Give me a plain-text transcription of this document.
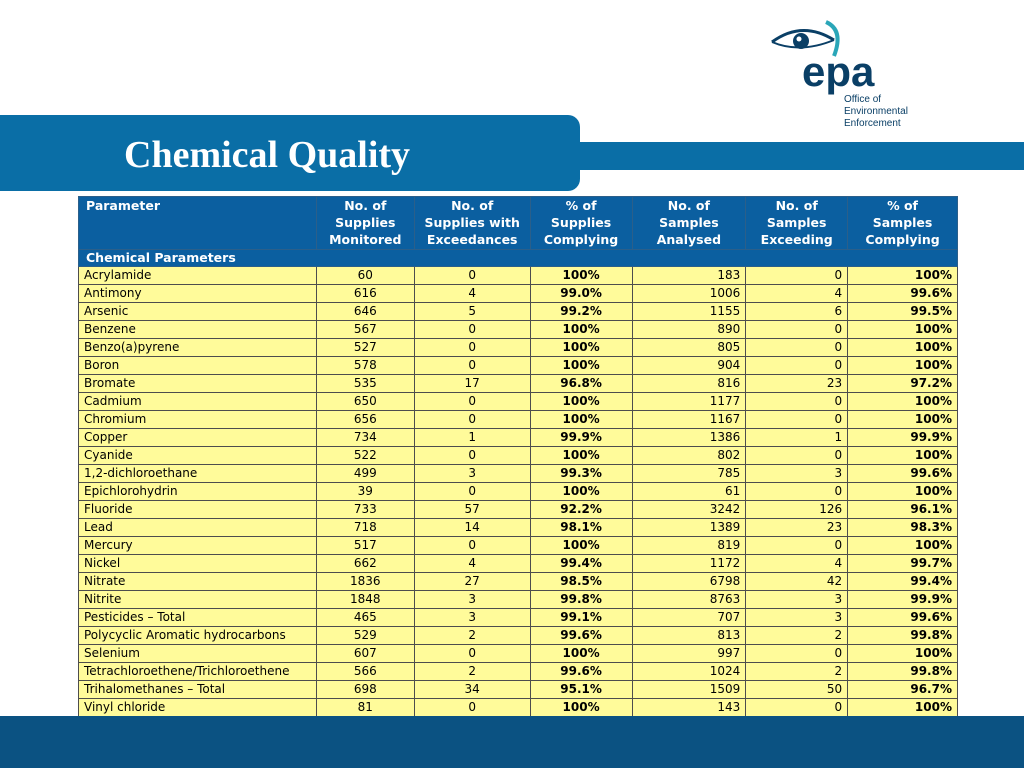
Chemical Quality
epa
Office of
Environmental
Enforcement
Parameter	No. of
Supplies
Monitored	No. of
Supplies with
Exceedances	% of
Supplies
Complying	No. of
Samples
Analysed	No. of
Samples
Exceeding	% of
Samples
Complying
Chemical Parameters						
Acrylamide	60	0	100%	183	0	100%
Antimony	616	4	99.0%	1006	4	99.6%
Arsenic	646	5	99.2%	1155	6	99.5%
Benzene	567	0	100%	890	0	100%
Benzo(a)pyrene	527	0	100%	805	0	100%
Boron	578	0	100%	904	0	100%
Bromate	535	17	96.8%	816	23	97.2%
Cadmium	650	0	100%	1177	0	100%
Chromium	656	0	100%	1167	0	100%
Copper	734	1	99.9%	1386	1	99.9%
Cyanide	522	0	100%	802	0	100%
1,2-dichloroethane	499	3	99.3%	785	3	99.6%
Epichlorohydrin	39	0	100%	61	0	100%
Fluoride	733	57	92.2%	3242	126	96.1%
Lead	718	14	98.1%	1389	23	98.3%
Mercury	517	0	100%	819	0	100%
Nickel	662	4	99.4%	1172	4	99.7%
Nitrate	1836	27	98.5%	6798	42	99.4%
Nitrite	1848	3	99.8%	8763	3	99.9%
Pesticides – Total	465	3	99.1%	707	3	99.6%
Polycyclic Aromatic hydrocarbons	529	2	99.6%	813	2	99.8%
Selenium	607	0	100%	997	0	100%
Tetrachloroethene/Trichloroethene	566	2	99.6%	1024	2	99.8%
Trihalomethanes – Total	698	34	95.1%	1509	50	96.7%
Vinyl chloride	81	0	100%	143	0	100%
